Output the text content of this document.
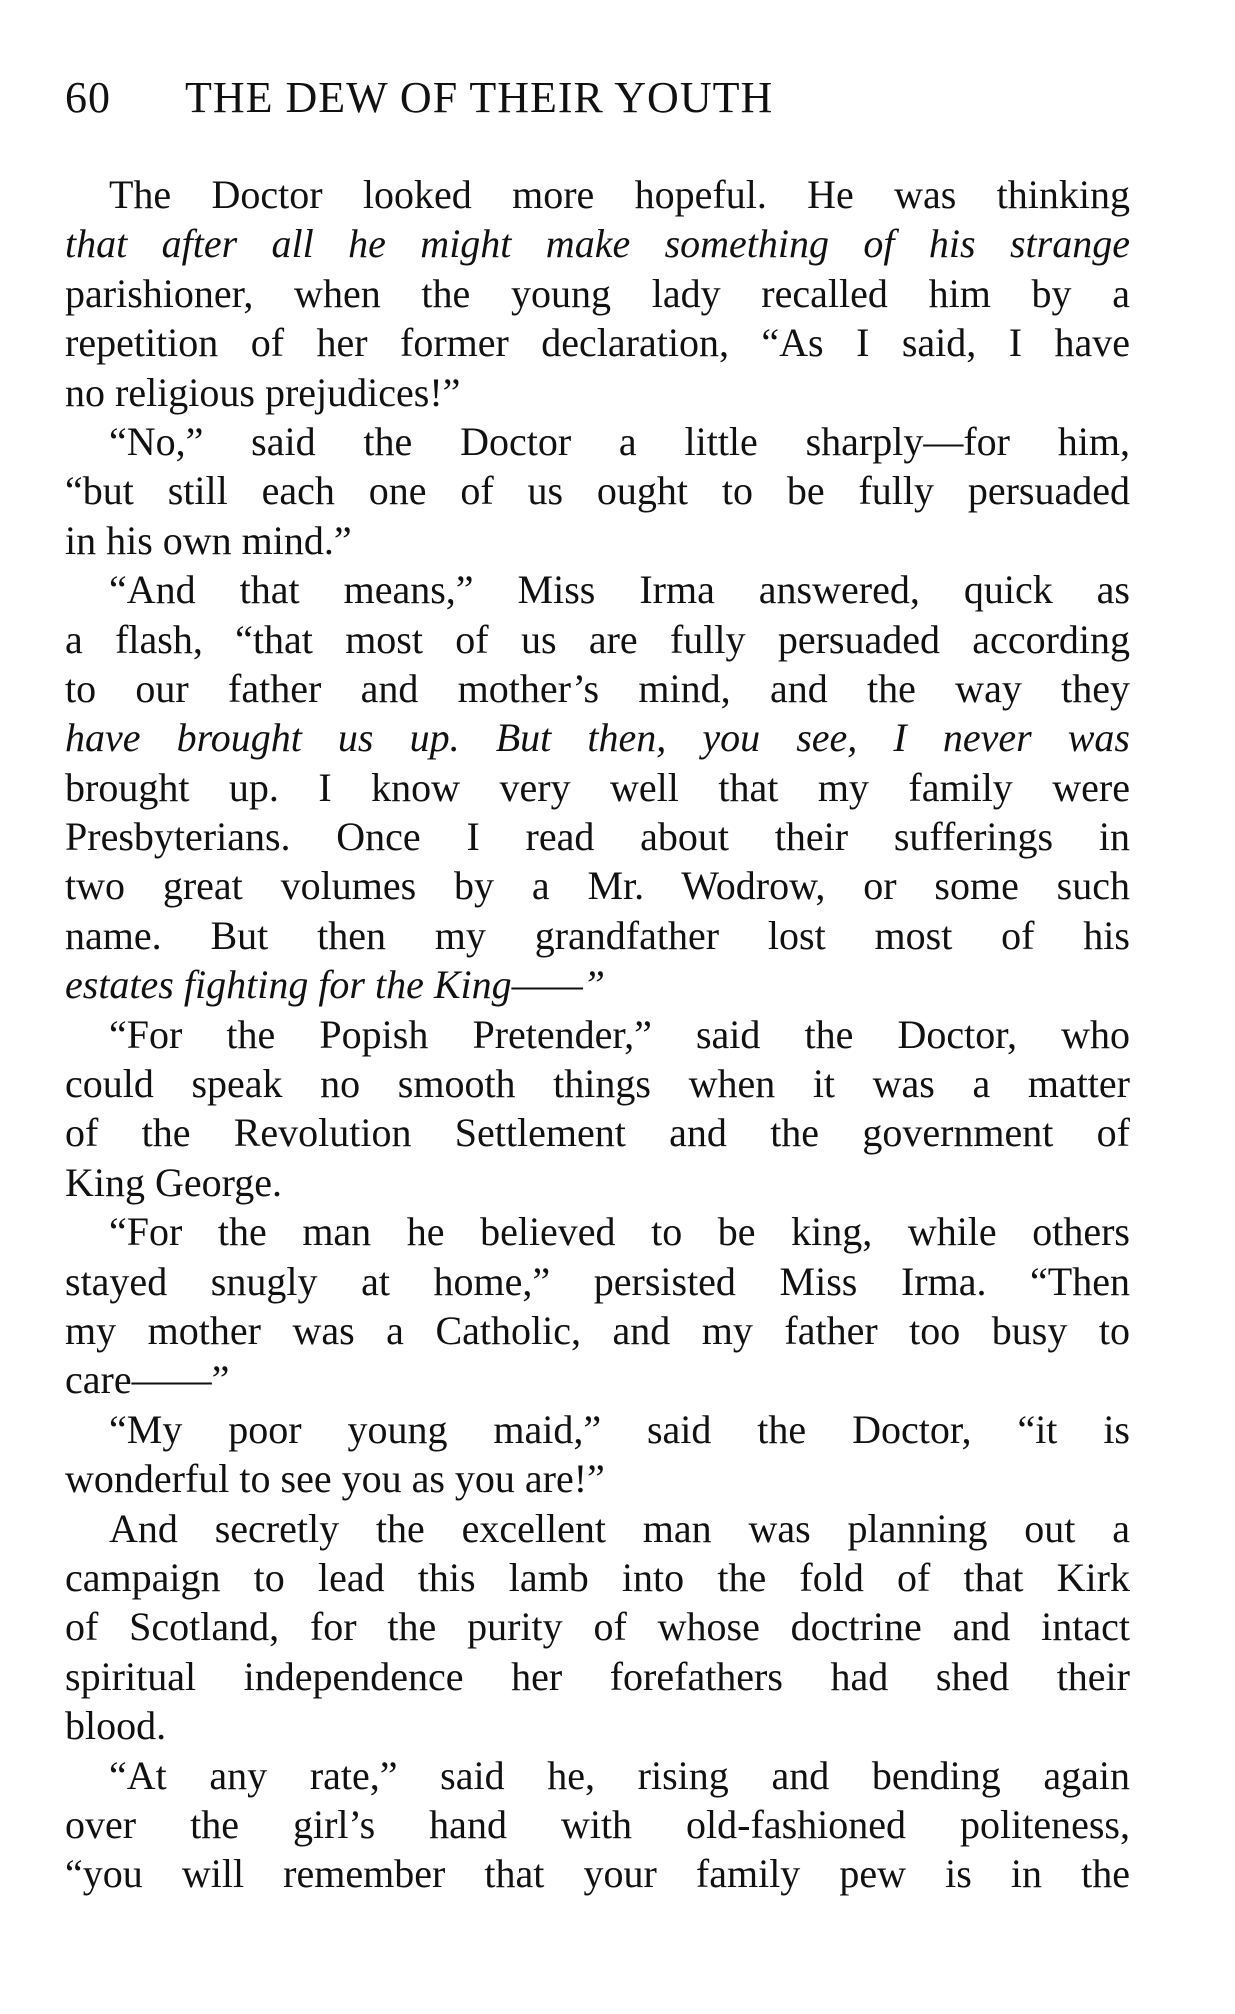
60 THE DEW OF THEIR YOUTH
The Doctor looked more hopeful. He was thinking
that after all he might make something of his strange
parishioner, when the young lady recalled him by a
repetition of her former declaration, “As I said, I have
no religious prejudices!”
“No,” said the Doctor a little sharply—for him,
“but still each one of us ought to be fully persuaded
in his own mind.”
“And that means,” Miss Irma answered, quick as
a flash, “that most of us are fully persuaded according
to our father and mother’s mind, and the way they
have brought us up. But then, you see, I never was
brought up. I know very well that my family were
Presbyterians. Once I read about their sufferings in
two great volumes by a Mr. Wodrow, or some such
name. But then my grandfather lost most of his
estates fighting for the King——”
“For the Popish Pretender,” said the Doctor, who
could speak no smooth things when it was a matter
of the Revolution Settlement and the government of
King George.
“For the man he believed to be king, while others
stayed snugly at home,” persisted Miss Irma. “Then
my mother was a Catholic, and my father too busy to
care——”
“My poor young maid,” said the Doctor, “it is
wonderful to see you as you are!”
And secretly the excellent man was planning out a
campaign to lead this lamb into the fold of that Kirk
of Scotland, for the purity of whose doctrine and intact
spiritual independence her forefathers had shed their
blood.
“At any rate,” said he, rising and bending again
over the girl’s hand with old-fashioned politeness,
“you will remember that your family pew is in the
